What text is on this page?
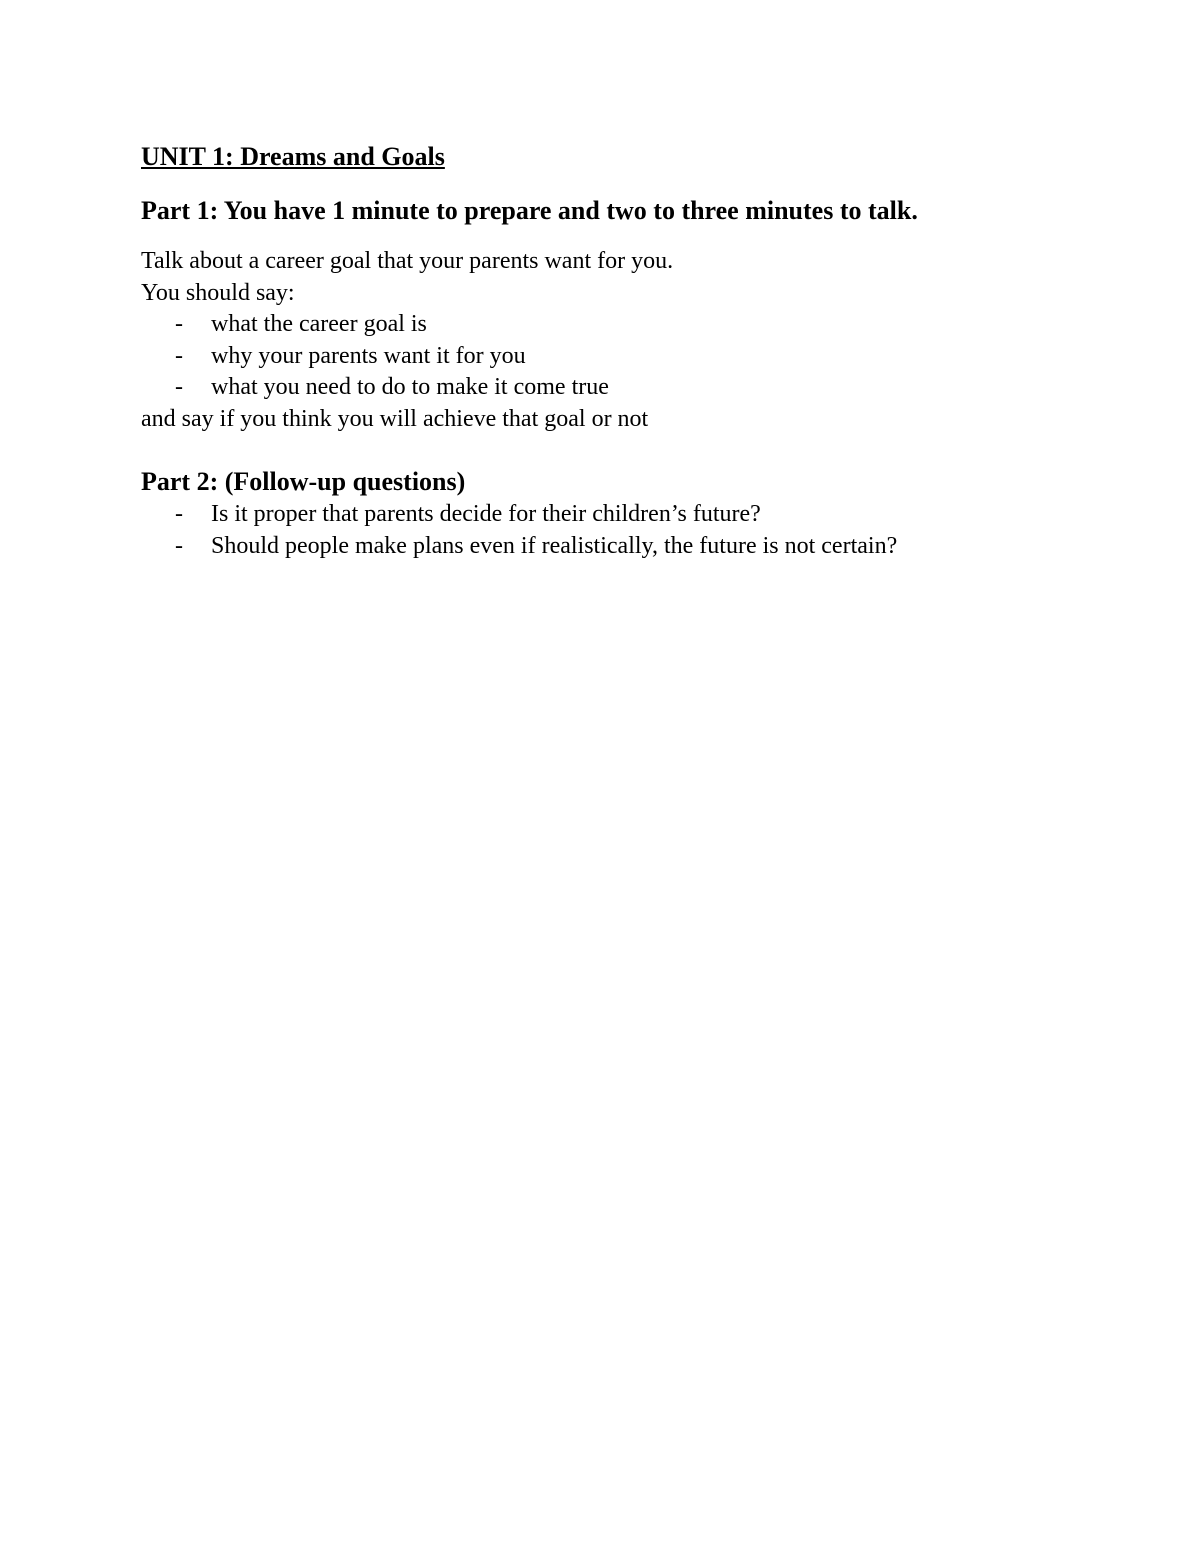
UNIT 1: Dreams and Goals
Part 1: You have 1 minute to prepare and two to three minutes to talk.
Talk about a career goal that your parents want for you.
You should say:
- what the career goal is
- why your parents want it for you
- what you need to do to make it come true
and say if you think you will achieve that goal or not
Part 2: (Follow-up questions)
- Is it proper that parents decide for their children’s future?
- Should people make plans even if realistically, the future is not certain?
